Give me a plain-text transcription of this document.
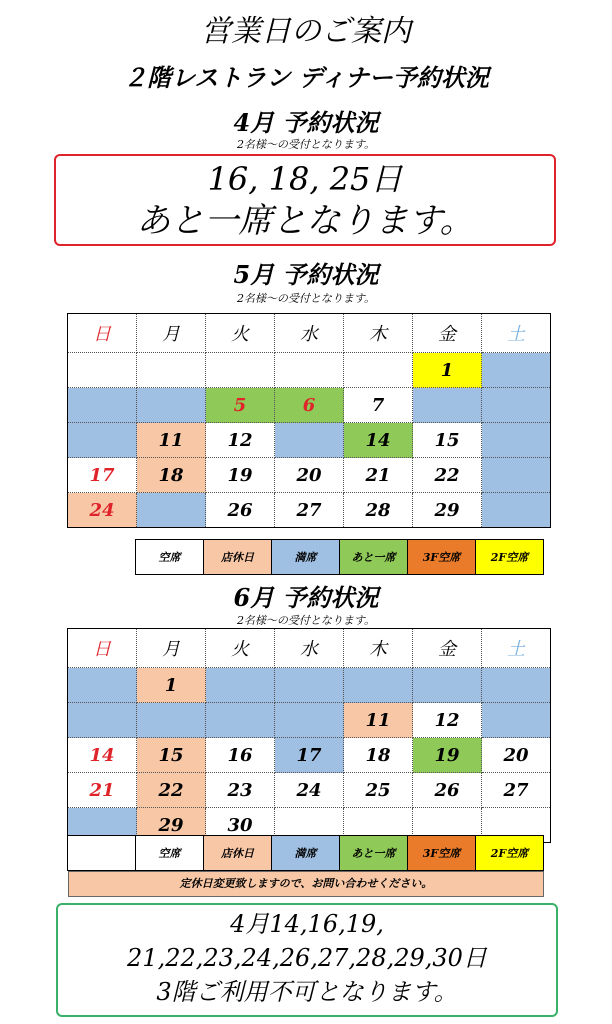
営業日のご案内
２階レストラン ディナー予約状況
4月 予約状況
2名様～の受付となります。
16, 18, 25日
あと一席となります。
5月 予約状況
2名様～の受付となります。
日	月	火	水	木	金	土
					1	
		5	6	7		
	11	12		14	15	
17	18	19	20	21	22	
24		26	27	28	29	
空席	店休日	満席	あと一席	3F空席	2F空席
6月 予約状況
2名様～の受付となります。
日	月	火	水	木	金	土
	1					
				11	12	
14	15	16	17	18	19	20
21	22	23	24	25	26	27
	29	30				
	空席	店休日	満席	あと一席	3F空席	2F空席
定休日変更致しますので、お問い合わせください。
4月14,16,19,
21,22,23,24,26,27,28,29,30日
3階ご利用不可となります。
